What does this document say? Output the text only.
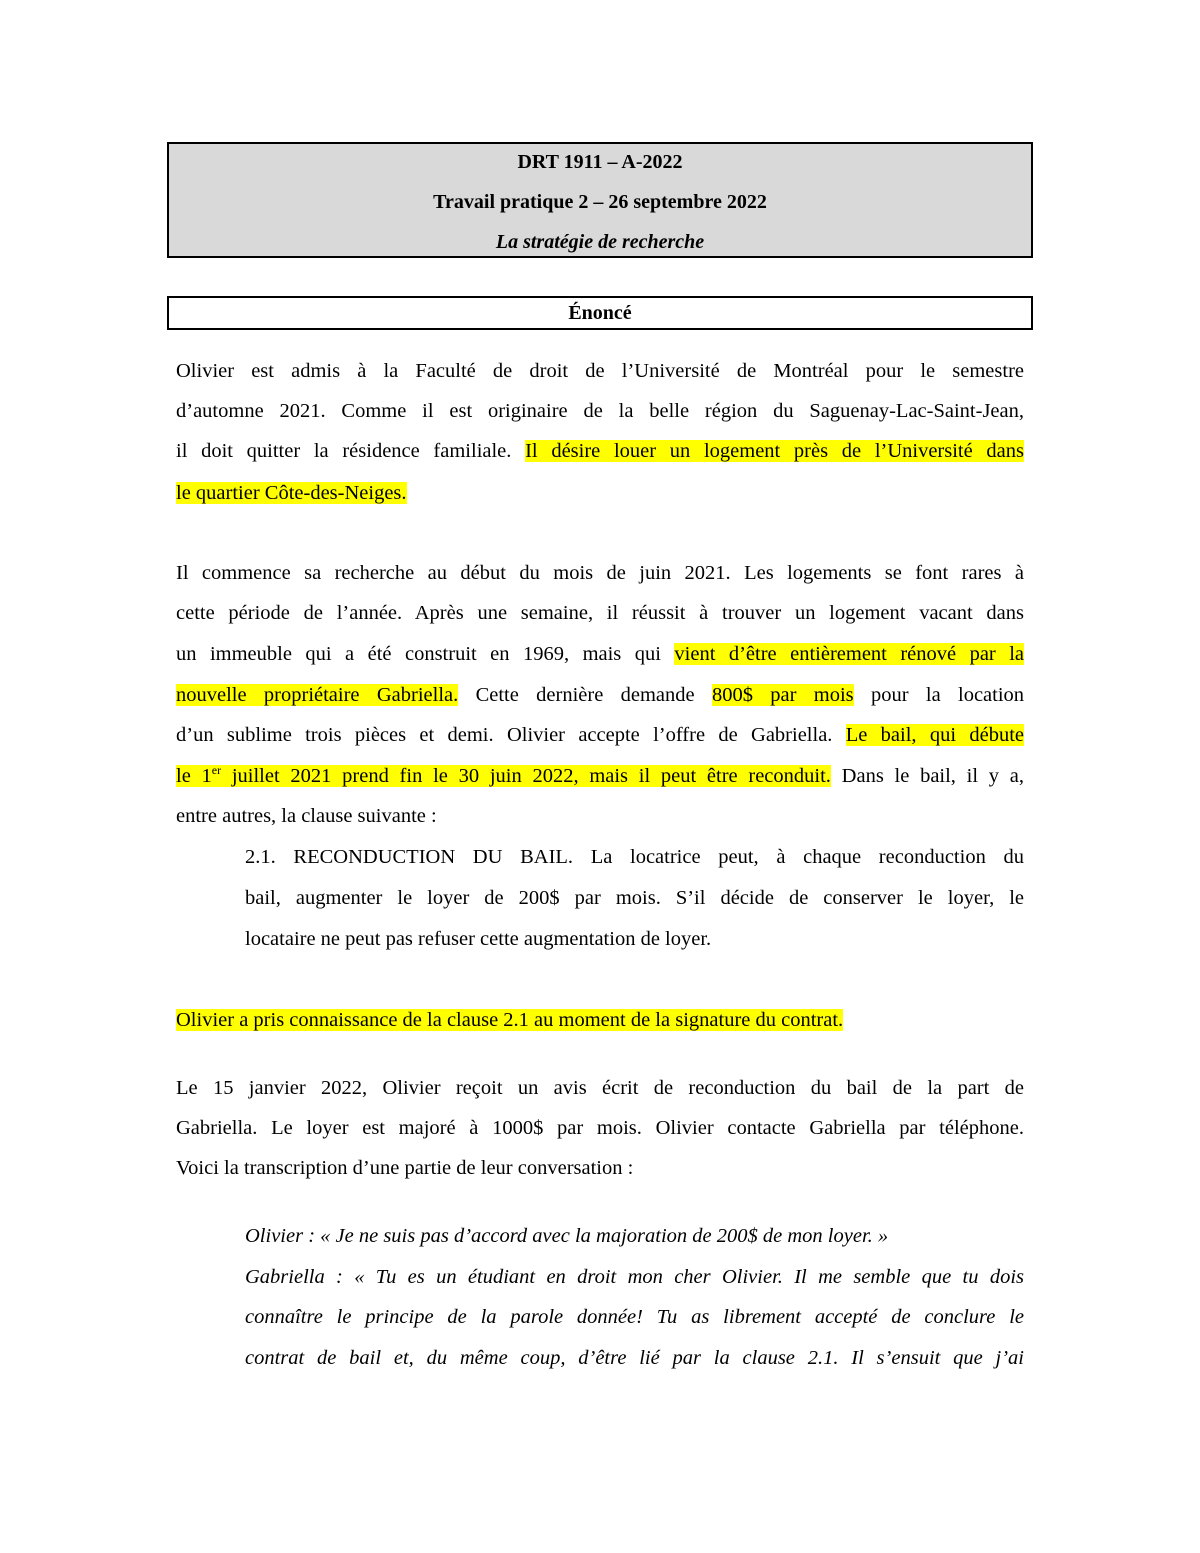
DRT 1911 – A-2022
Travail pratique 2 – 26 septembre 2022
La stratégie de recherche
Énoncé
Olivier est admis à la Faculté de droit de l’Université de Montréal pour le semestre
d’automne 2021. Comme il est originaire de la belle région du Saguenay-Lac-Saint-Jean,
il doit quitter la résidence familiale. Il désire louer un logement près de l’Université dans
le quartier Côte-des-Neiges.
Il commence sa recherche au début du mois de juin 2021. Les logements se font rares à
cette période de l’année. Après une semaine, il réussit à trouver un logement vacant dans
un immeuble qui a été construit en 1969, mais qui vient d’être entièrement rénové par la
nouvelle propriétaire Gabriella. Cette dernière demande 800$ par mois pour la location
d’un sublime trois pièces et demi. Olivier accepte l’offre de Gabriella. Le bail, qui débute
le 1er juillet 2021 prend fin le 30 juin 2022, mais il peut être reconduit. Dans le bail, il y a,
entre autres, la clause suivante :
2.1. RECONDUCTION DU BAIL. La locatrice peut, à chaque reconduction du
bail, augmenter le loyer de 200$ par mois. S’il décide de conserver le loyer, le
locataire ne peut pas refuser cette augmentation de loyer.
Olivier a pris connaissance de la clause 2.1 au moment de la signature du contrat.
Le 15 janvier 2022, Olivier reçoit un avis écrit de reconduction du bail de la part de
Gabriella. Le loyer est majoré à 1000$ par mois. Olivier contacte Gabriella par téléphone.
Voici la transcription d’une partie de leur conversation :
Olivier : « Je ne suis pas d’accord avec la majoration de 200$ de mon loyer. »
Gabriella : « Tu es un étudiant en droit mon cher Olivier. Il me semble que tu dois
connaître le principe de la parole donnée! Tu as librement accepté de conclure le
contrat de bail et, du même coup, d’être lié par la clause 2.1. Il s’ensuit que j’ai
